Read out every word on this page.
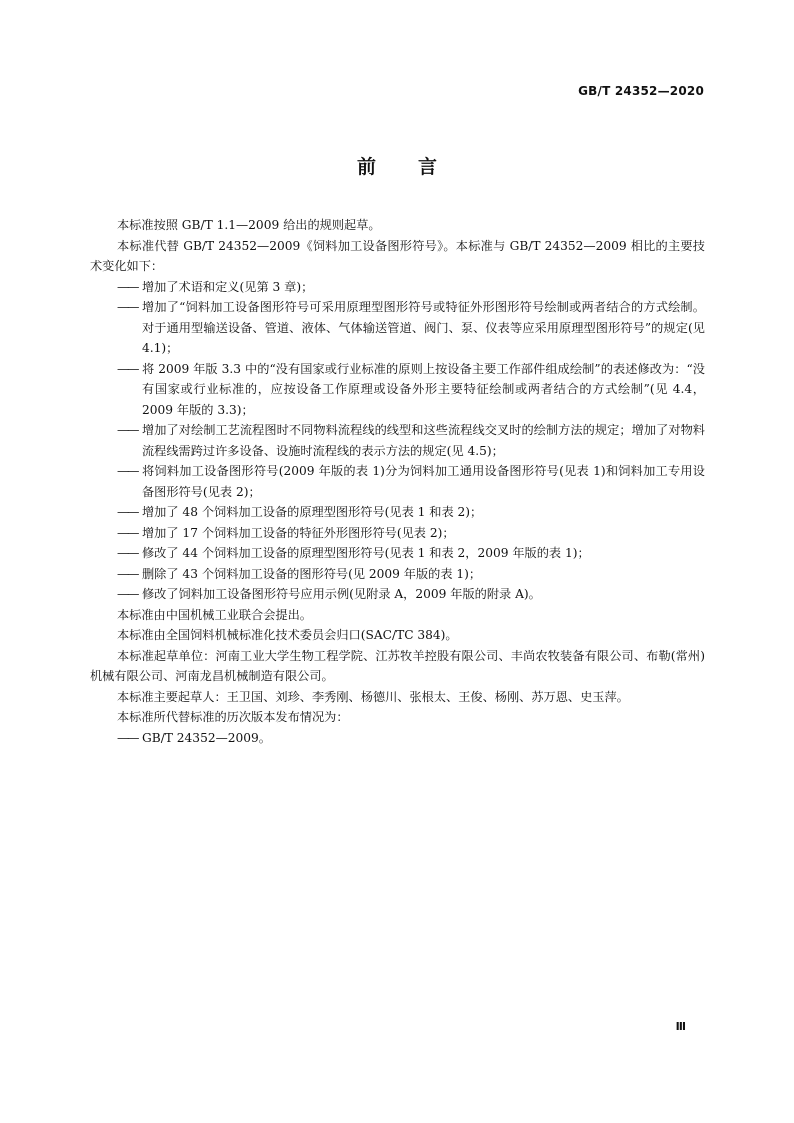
GB/T 24352—2020
前 言

本标准按照 GB/T 1.1—2009 给出的规则起草。

本标准代替 GB/T 24352—2009《饲料加工设备图形符号》。本标准与 GB/T 24352—2009 相比的主要技术变化如下：

—— 增加了术语和定义(见第 3 章)；
—— 增加了“饲料加工设备图形符号可采用原理型图形符号或特征外形图形符号绘制或两者结合的方式绘制。对于通用型输送设备、管道、液体、气体输送管道、阀门、泵、仪表等应采用原理型图形符号”的规定(见 4.1)；
—— 将 2009 年版 3.3 中的“没有国家或行业标准的原则上按设备主要工作部件组成绘制”的表述修改为：“没有国家或行业标准的，应按设备工作原理或设备外形主要特征绘制或两者结合的方式绘制”(见 4.4，2009 年版的 3.3)；
—— 增加了对绘制工艺流程图时不同物料流程线的线型和这些流程线交叉时的绘制方法的规定；增加了对物料流程线需跨过许多设备、设施时流程线的表示方法的规定(见 4.5)；
—— 将饲料加工设备图形符号(2009 年版的表 1)分为饲料加工通用设备图形符号(见表 1)和饲料加工专用设备图形符号(见表 2)；
—— 增加了 48 个饲料加工设备的原理型图形符号(见表 1 和表 2)；
—— 增加了 17 个饲料加工设备的特征外形图形符号(见表 2)；
—— 修改了 44 个饲料加工设备的原理型图形符号(见表 1 和表 2，2009 年版的表 1)；
—— 删除了 43 个饲料加工设备的图形符号(见 2009 年版的表 1)；
—— 修改了饲料加工设备图形符号应用示例(见附录 A，2009 年版的附录 A)。

本标准由中国机械工业联合会提出。

本标准由全国饲料机械标准化技术委员会归口(SAC/TC 384)。

本标准起草单位：河南工业大学生物工程学院、江苏牧羊控股有限公司、丰尚农牧装备有限公司、布勒(常州)机械有限公司、河南龙昌机械制造有限公司。

本标准主要起草人：王卫国、刘珍、李秀刚、杨德川、张根太、王俊、杨刚、苏万恩、史玉萍。

本标准所代替标准的历次版本发布情况为：

—— GB/T 24352—2009。
Ⅲ
